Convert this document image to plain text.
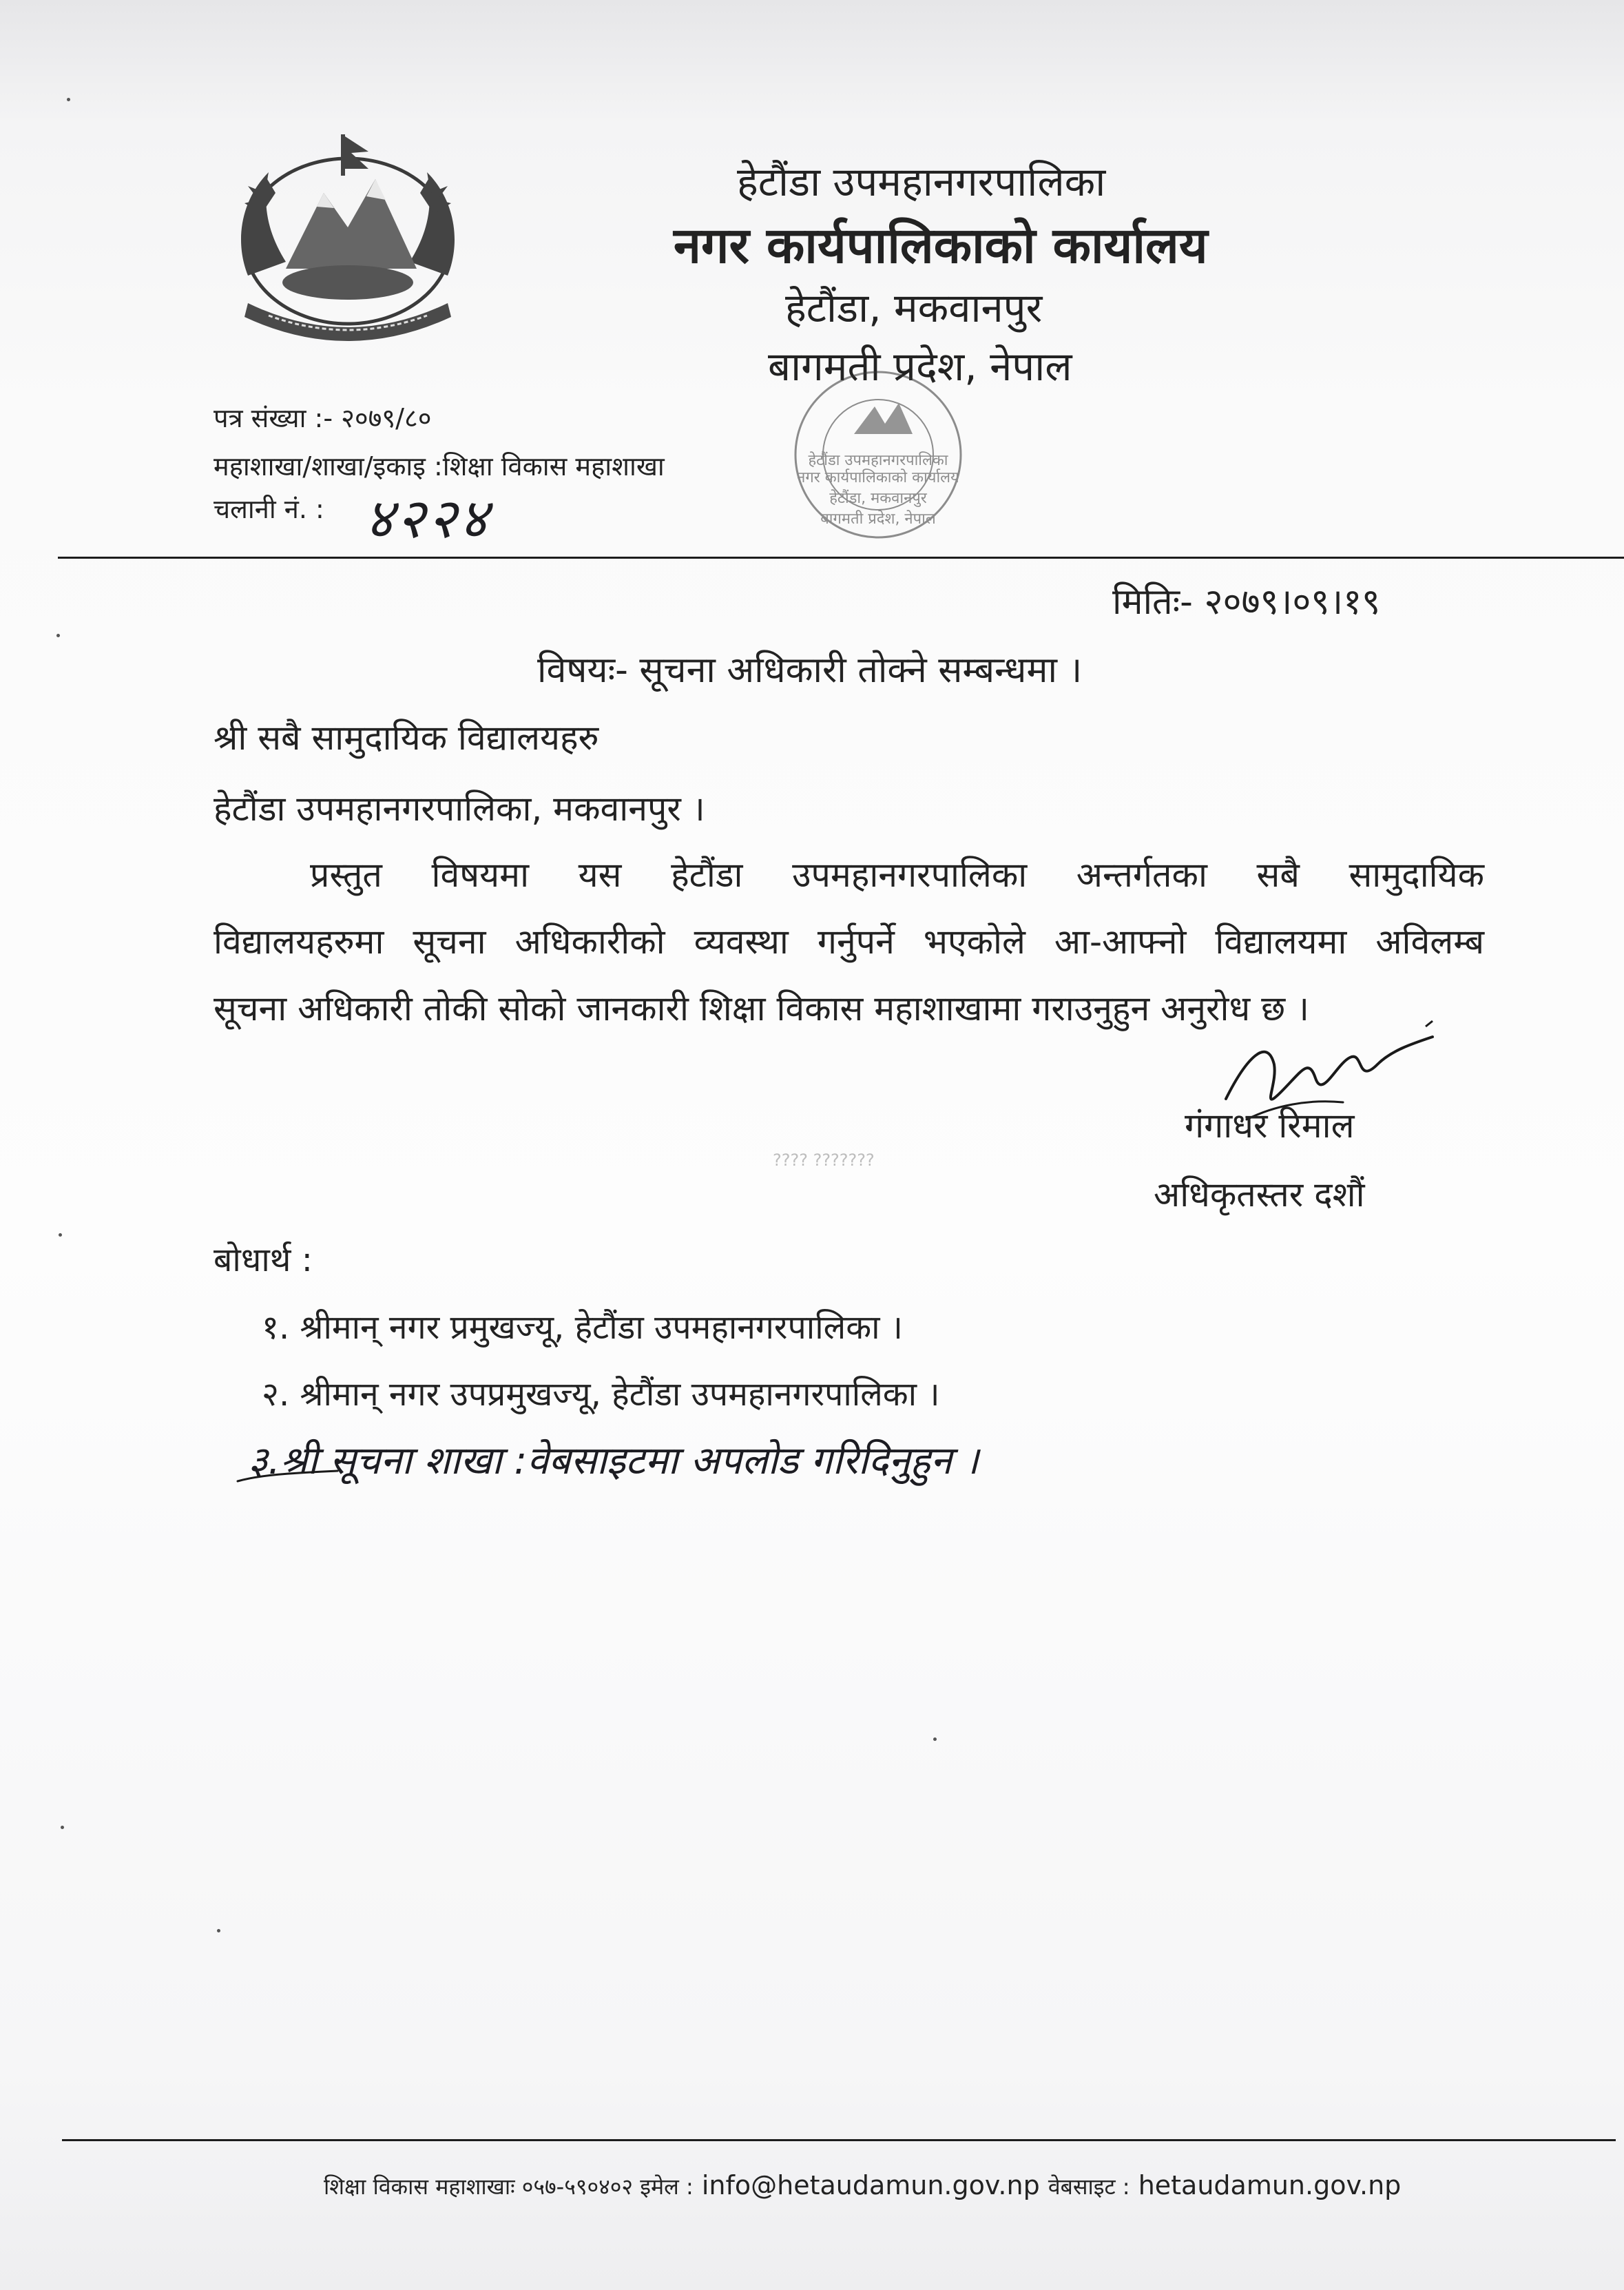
हेटौंडा उपमहानगरपालिका
नगर कार्यपालिकाको कार्यालय
हेटौंडा, मकवानपुर
बागमती प्रदेश, नेपाल
हेटौंडा उपमहानगरपालिका
नगर कार्यपालिकाको कार्यालय
हेटौंडा, मकवानपुर
बागमती प्रदेश, नेपाल
पत्र संख्या :- २०७९/८०
महाशाखा/शाखा/इकाइ :शिक्षा विकास महाशाखा
चलानी नं. : ४२२४
मितिः- २०७९।०९।१९
विषयः- सूचना अधिकारी तोक्ने सम्बन्धमा ।
श्री सबै सामुदायिक विद्यालयहरु
हेटौंडा उपमहानगरपालिका, मकवानपुर ।
प्रस्तुत विषयमा यस हेटौंडा उपमहानगरपालिका अन्तर्गतका सबै सामुदायिक
विद्यालयहरुमा सूचना अधिकारीको व्यवस्था गर्नुपर्ने भएकोले आ-आफ्नो विद्यालयमा अविलम्ब
सूचना अधिकारी तोकी सोको जानकारी शिक्षा विकास महाशाखामा गराउनुहुन अनुरोध छ ।
गंगाधर रिमाल
अधिकृतस्तर दशौं
???? ???????
बोधार्थ :
१. श्रीमान् नगर प्रमुखज्यू, हेटौंडा उपमहानगरपालिका ।
२. श्रीमान् नगर उपप्रमुखज्यू, हेटौंडा उपमहानगरपालिका ।
३.श्री सूचना शाखा :वेबसाइटमा अपलोड गरिदिनुहुन ।
शिक्षा विकास महाशाखाः ०५७-५९०४०२ इमेल : info@hetaudamun.gov.np वेबसाइट : hetaudamun.gov.np
